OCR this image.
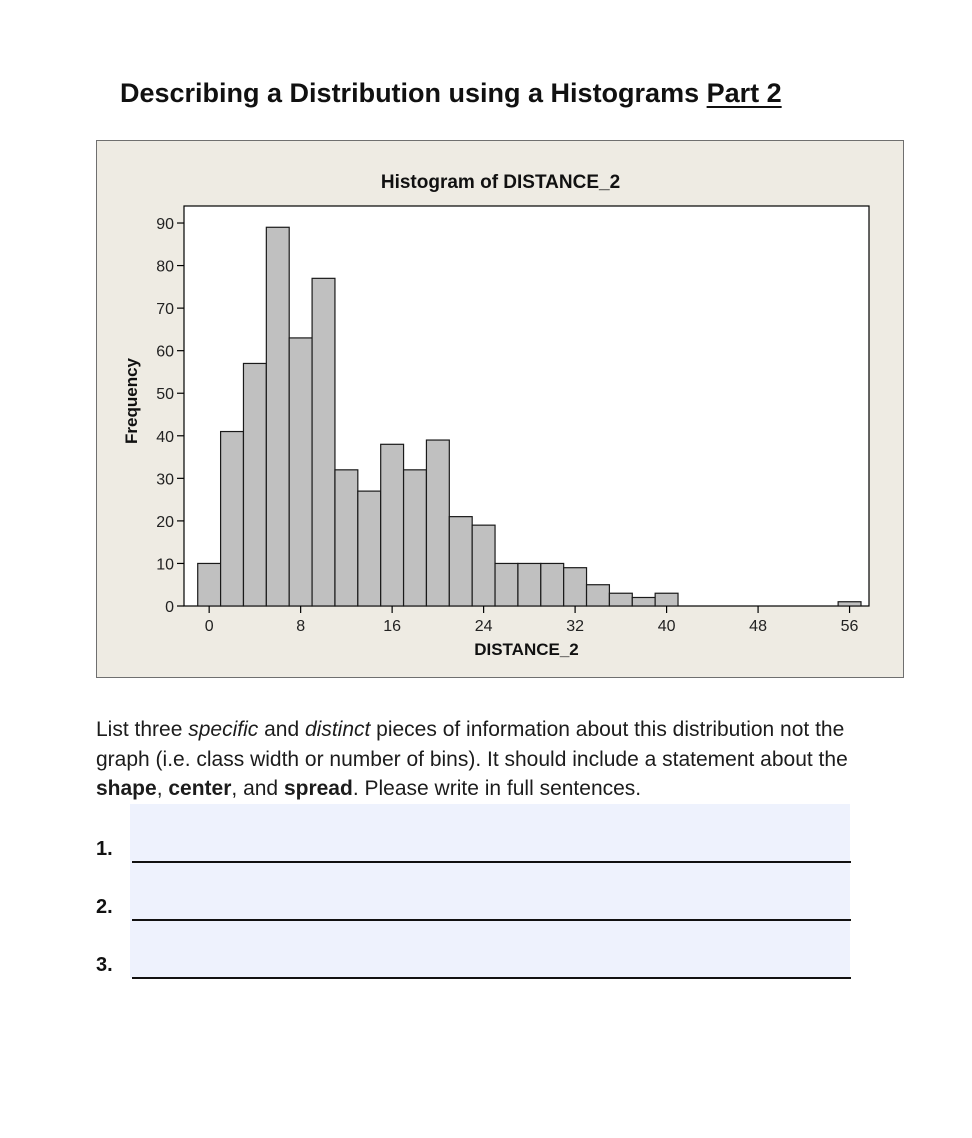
Describing a Distribution using a Histograms Part 2
Histogram of DISTANCE_2
0
10
20
30
40
50
60
70
80
90
0	8	16	24	32	40	48	56
DISTANCE_2
Frequency
List three specific and distinct pieces of information about this distribution not the graph (i.e. class width or number of bins). It should include a statement about the shape, center, and spread. Please write in full sentences.
1.
2.
3.
